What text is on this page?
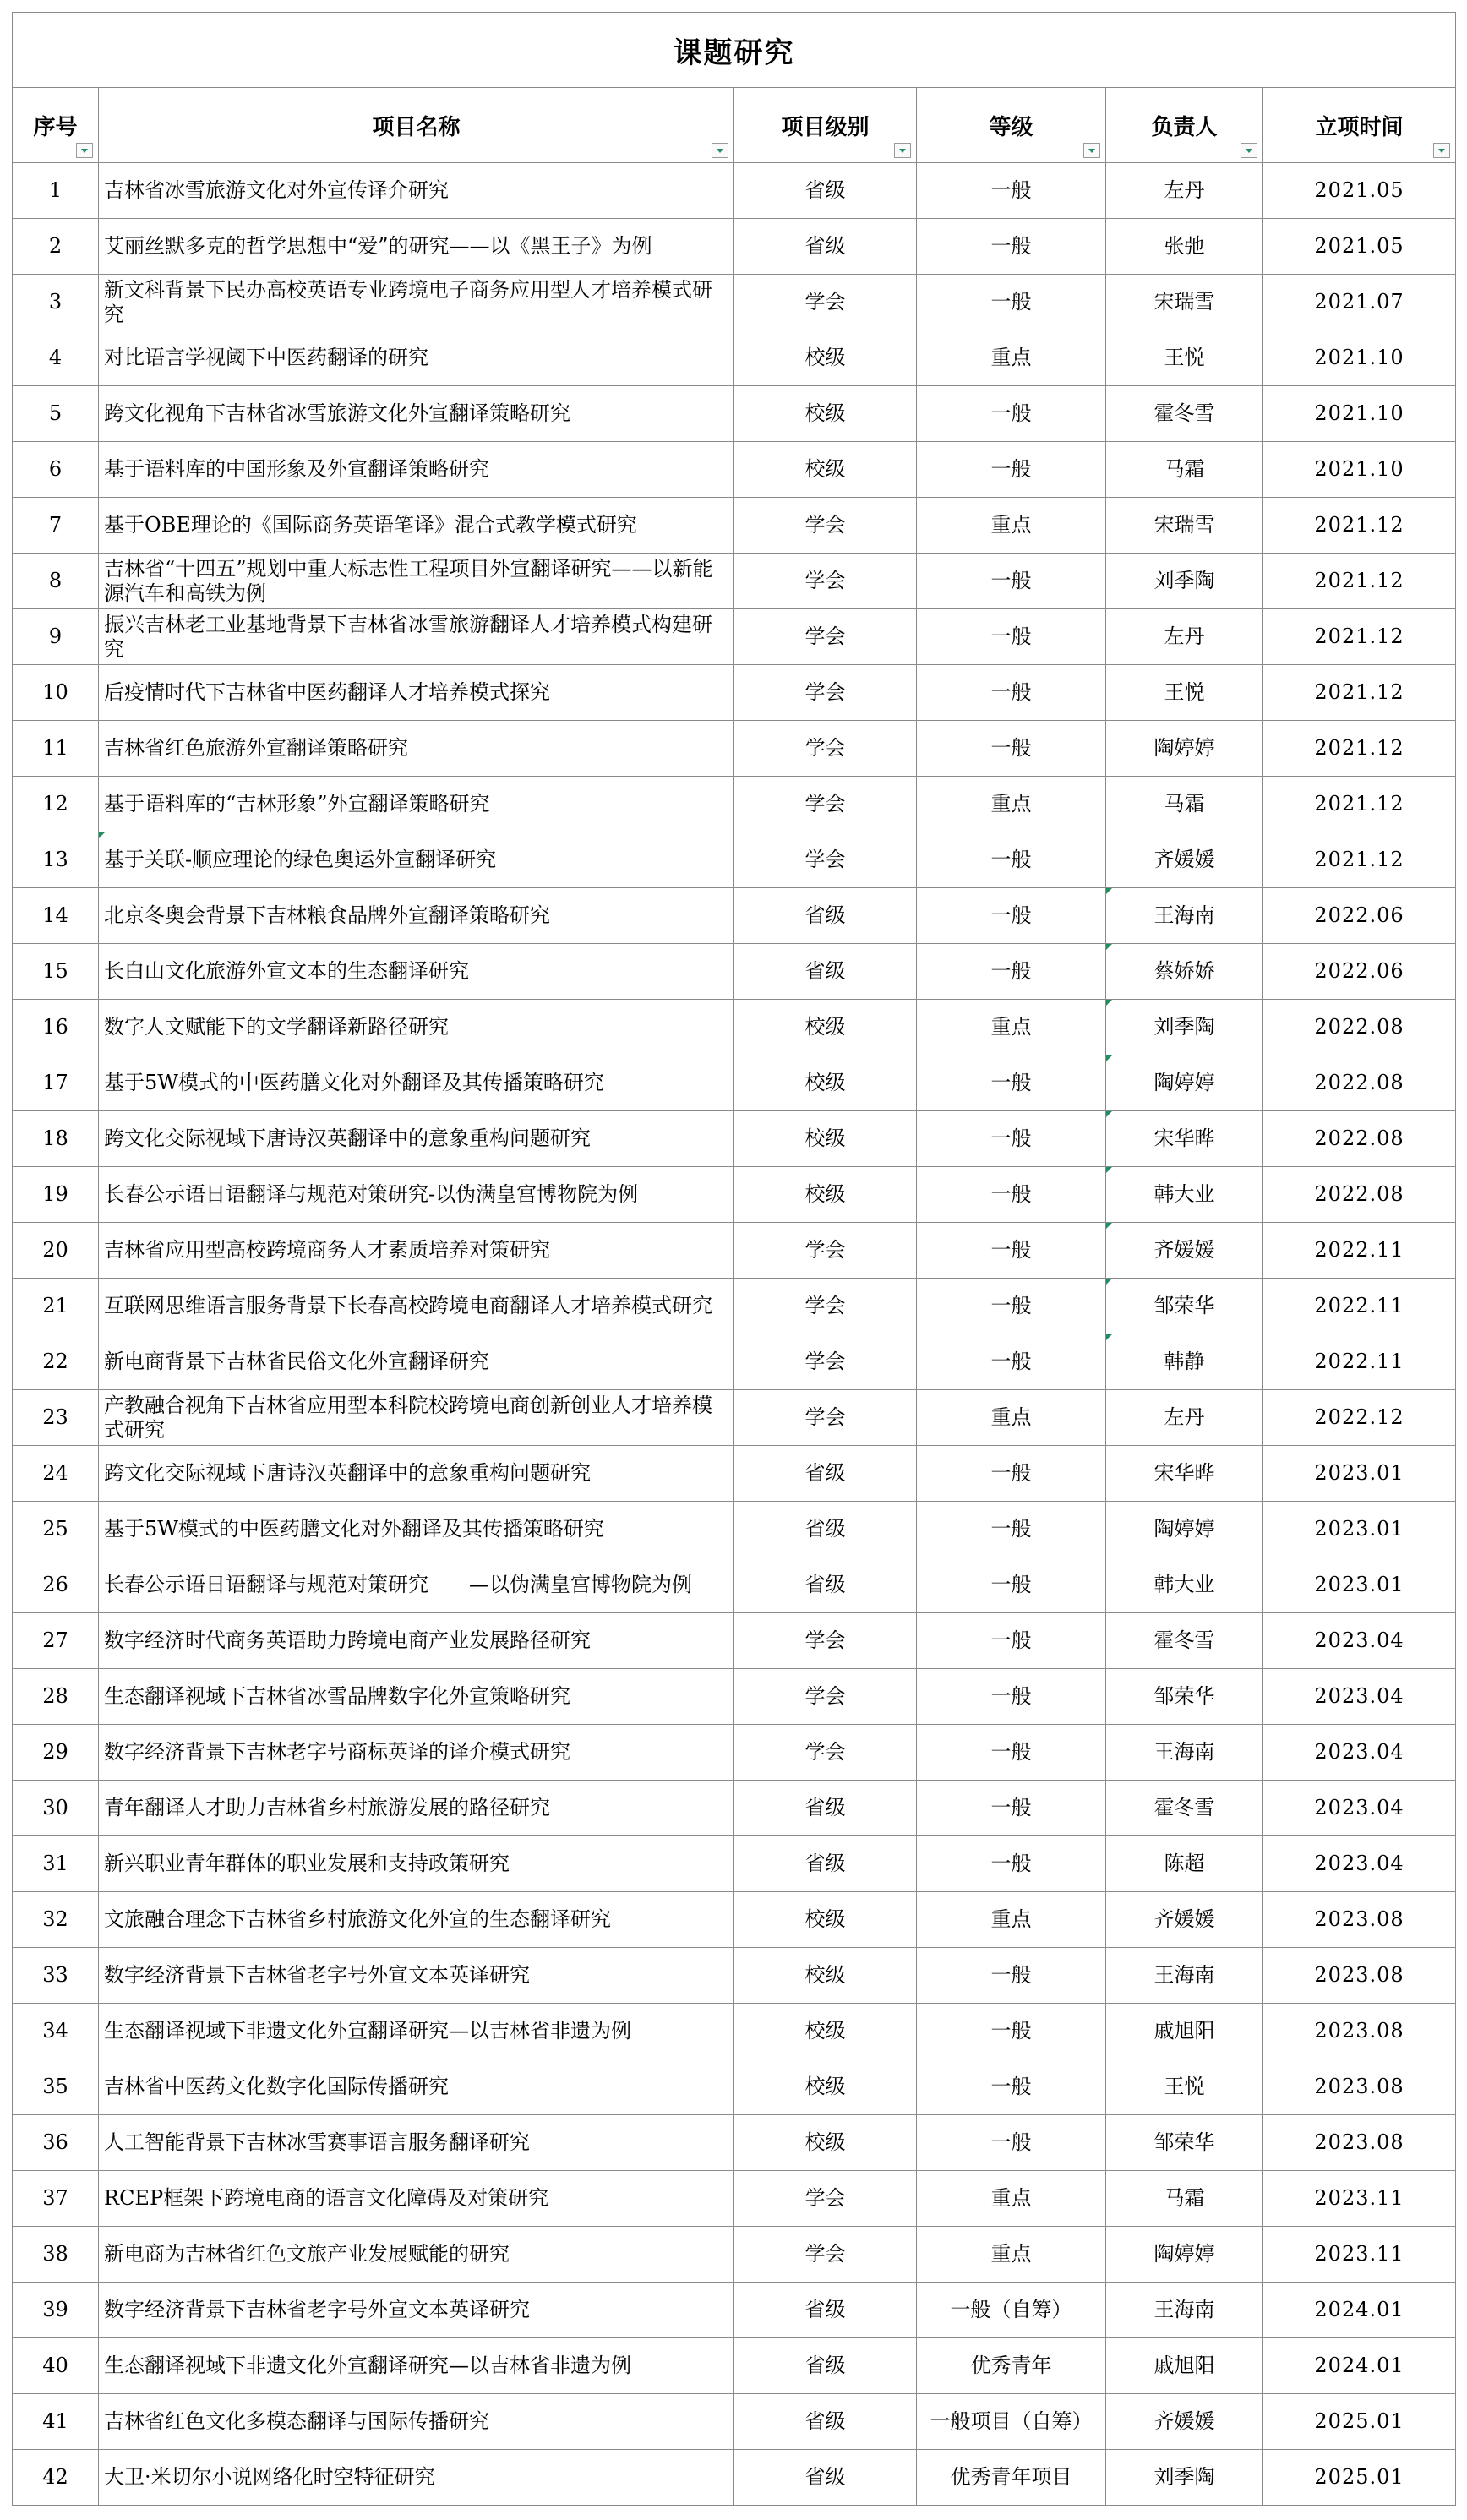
课题研究					
序号	项目名称	项目级别	等级	负责人	立项时间

1	吉林省冰雪旅游文化对外宣传译介研究	省级	一般	左丹	2021.05
2	艾丽丝默多克的哲学思想中“爱”的研究——以《黑王子》为例	省级	一般	张弛	2021.05
3	新文科背景下民办高校英语专业跨境电子商务应用型人才培养模式研究	学会	一般	宋瑞雪	2021.07
4	对比语言学视阈下中医药翻译的研究	校级	重点	王悦	2021.10
5	跨文化视角下吉林省冰雪旅游文化外宣翻译策略研究	校级	一般	霍冬雪	2021.10
6	基于语料库的中国形象及外宣翻译策略研究	校级	一般	马霜	2021.10
7	基于OBE理论的《国际商务英语笔译》混合式教学模式研究	学会	重点	宋瑞雪	2021.12
8	吉林省“十四五”规划中重大标志性工程项目外宣翻译研究——以新能源汽车和高铁为例	学会	一般	刘季陶	2021.12
9	振兴吉林老工业基地背景下吉林省冰雪旅游翻译人才培养模式构建研究	学会	一般	左丹	2021.12
10	后疫情时代下吉林省中医药翻译人才培养模式探究	学会	一般	王悦	2021.12
11	吉林省红色旅游外宣翻译策略研究	学会	一般	陶婷婷	2021.12
12	基于语料库的“吉林形象”外宣翻译策略研究	学会	重点	马霜	2021.12
13	基于关联-顺应理论的绿色奥运外宣翻译研究	学会	一般	齐媛媛	2021.12
14	北京冬奥会背景下吉林粮食品牌外宣翻译策略研究	省级	一般	王海南	2022.06
15	长白山文化旅游外宣文本的生态翻译研究	省级	一般	蔡娇娇	2022.06
16	数字人文赋能下的文学翻译新路径研究	校级	重点	刘季陶	2022.08
17	基于5W模式的中医药膳文化对外翻译及其传播策略研究	校级	一般	陶婷婷	2022.08
18	跨文化交际视域下唐诗汉英翻译中的意象重构问题研究	校级	一般	宋华晔	2022.08
19	长春公示语日语翻译与规范对策研究-以伪满皇宫博物院为例	校级	一般	韩大业	2022.08
20	吉林省应用型高校跨境商务人才素质培养对策研究	学会	一般	齐媛媛	2022.11
21	互联网思维语言服务背景下长春高校跨境电商翻译人才培养模式研究	学会	一般	邹荣华	2022.11
22	新电商背景下吉林省民俗文化外宣翻译研究	学会	一般	韩静	2022.11
23	产教融合视角下吉林省应用型本科院校跨境电商创新创业人才培养模式研究	学会	重点	左丹	2022.12
24	跨文化交际视域下唐诗汉英翻译中的意象重构问题研究	省级	一般	宋华晔	2023.01
25	基于5W模式的中医药膳文化对外翻译及其传播策略研究	省级	一般	陶婷婷	2023.01
26	长春公示语日语翻译与规范对策研究　　—以伪满皇宫博物院为例	省级	一般	韩大业	2023.01
27	数字经济时代商务英语助力跨境电商产业发展路径研究	学会	一般	霍冬雪	2023.04
28	生态翻译视域下吉林省冰雪品牌数字化外宣策略研究	学会	一般	邹荣华	2023.04
29	数字经济背景下吉林老字号商标英译的译介模式研究	学会	一般	王海南	2023.04
30	青年翻译人才助力吉林省乡村旅游发展的路径研究	省级	一般	霍冬雪	2023.04
31	新兴职业青年群体的职业发展和支持政策研究	省级	一般	陈超	2023.04
32	文旅融合理念下吉林省乡村旅游文化外宣的生态翻译研究	校级	重点	齐媛媛	2023.08
33	数字经济背景下吉林省老字号外宣文本英译研究	校级	一般	王海南	2023.08
34	生态翻译视域下非遗文化外宣翻译研究—以吉林省非遗为例	校级	一般	戚旭阳	2023.08
35	吉林省中医药文化数字化国际传播研究	校级	一般	王悦	2023.08
36	人工智能背景下吉林冰雪赛事语言服务翻译研究	校级	一般	邹荣华	2023.08
37	RCEP框架下跨境电商的语言文化障碍及对策研究	学会	重点	马霜	2023.11
38	新电商为吉林省红色文旅产业发展赋能的研究	学会	重点	陶婷婷	2023.11
39	数字经济背景下吉林省老字号外宣文本英译研究	省级	一般（自筹）	王海南	2024.01
40	生态翻译视域下非遗文化外宣翻译研究—以吉林省非遗为例	省级	优秀青年	戚旭阳	2024.01
41	吉林省红色文化多模态翻译与国际传播研究	省级	一般项目（自筹）	齐媛媛	2025.01
42	大卫·米切尔小说网络化时空特征研究	省级	优秀青年项目	刘季陶	2025.01
